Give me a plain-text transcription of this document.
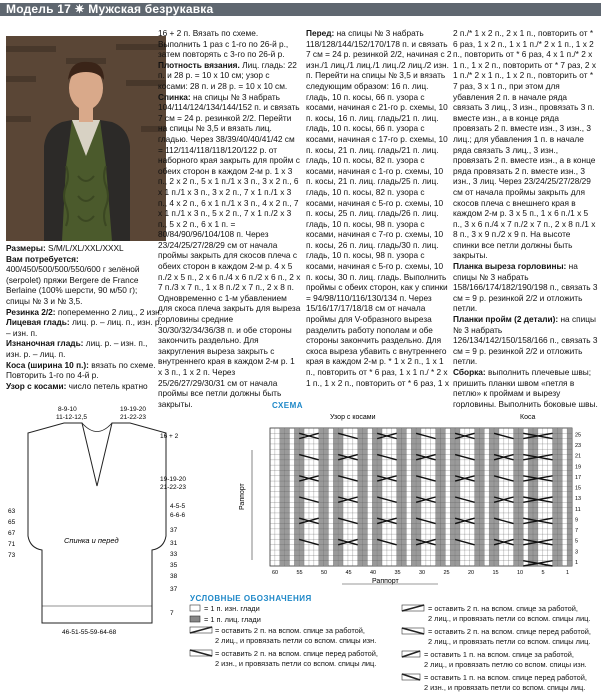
Модель 17 ✷ Мужская безрукавка

Размеры: S/M/L/XL/XXL/XXXL

Вам потребуется: 400/450/500/500/550/600 г зелёной (serpolet) пряжи Bergere de France Berlaine (100% шерсти, 90 м/50 г); спицы № 3 и № 3,5.

Резинка 2/2: попеременно 2 лиц., 2 изн.

Лицевая гладь: лиц. р. – лиц. п., изн. р. – изн. п.

Изнаночная гладь: лиц. р. – изн. п., изн. р. – лиц. п.

Коса (ширина 10 п.): вязать по схеме. Повторить 1-го по 4-й р.

Узор с косами: число петель кратно

16 + 2 п. Вязать по схеме. Выполнить 1 раз с 1-го по 26-й р., затем повторять с 3-го по 26-й р.

Плотность вязания. Лиц. гладь: 22 п. и 28 р. = 10 x 10 см; узор с косами: 28 п. и 28 р. = 10 x 10 см.

Спинка: на спицы № 3 набрать 104/114/124/134/144/152 п. и связать 7 см = 24 р. резинкой 2/2. Перейти на спицы № 3,5 и вязать лиц. гладью. Через 38/39/40/40/41/42 см = 112/114/118/118/120/122 р. от наборного края закрыть для пройм с обеих сторон в каждом 2-м р. 1 x 3 п., 2 x 2 п., 5 x 1 п./1 x 3 п., 3 x 2 п., 6 x 1 п./1 x 3 п., 3 x 2 п., 7 x 1 п./1 x 3 п., 4 x 2 п., 6 x 1 п./1 x 3 п., 4 x 2 п., 7 x 1 п./1 x 3 п., 5 x 2 п., 7 x 1 п./2 x 3 п., 5 x 2 п., 6 x 1 п. = 80/84/90/96/104/108 п. Через 23/24/25/27/28/29 см от начала проймы закрыть для скосов плеча с обеих сторон в каждом 2-м р. 4 x 5 п./2 x 5 п., 2 x 6 п./4 x 6 п./2 x 6 п., 2 x 7 п./3 x 7 п., 1 x 8 п./2 x 7 п., 2 x 8 п. Одновременно с 1-м убавлением для скоса плеча закрыть для выреза горловины средние 30/30/32/34/36/38 п. и обе стороны закончить раздельно. Для закругления выреза закрыть с внутреннего края в каждом 2-м р. 1 x 3 п., 1 x 2 п. Через 25/26/27/29/30/31 см от начала проймы все петли должны быть закрыты.

Перед: на спицы № 3 набрать 118/128/144/152/170/178 п. и связать 7 см = 24 р. резинкой 2/2, начиная с 2 изн./1 лиц./1 лиц./1 лиц./2 лиц./2 изн. п. Перейти на спицы № 3,5 и вязать следующим образом: 16 п. лиц. гладь, 10 п. косы, 66 п. узора с косами, начиная с 21-го р. схемы, 10 п. косы, 16 п. лиц. гладь/21 п. лиц. гладь, 10 п. косы, 66 п. узора с косами, начиная с 17-го р. схемы, 10 п. косы, 21 п. лиц. гладь/21 п. лиц. гладь, 10 п. косы, 82 п. узора с косами, начиная с 1-го р. схемы, 10 п. косы, 21 п. лиц. гладь/25 п. лиц. гладь, 10 п. косы, 82 п. узора с косами, начиная с 5-го р. схемы, 10 п. косы, 25 п. лиц. гладь/26 п. лиц. гладь, 10 п. косы, 98 п. узора с косами, начиная с 7-го р. схемы, 10 п. косы, 26 п. лиц. гладь/30 п. лиц. гладь, 10 п. косы, 98 п. узора с косами, начиная с 5-го р. схемы, 10 п. косы, 30 п. лиц. гладь. Выполнить проймы с обеих сторон, как у спинки = 94/98/110/116/130/134 п. Через 15/16/17/17/18/18 см от начала проймы для V-образного выреза разделить работу пополам и обе стороны закончить раздельно. Для скоса выреза убавить с внутреннего края в каждом 2-м р. * 1 x 2 п., 1 x 1 п., повторить от * 6 раз, 1 x 1 п./ * 2 x 1 п., 1 x 2 п., повторить от * 6 раз, 1 x

2 п./* 1 x 2 п., 2 x 1 п., повторить от * 6 раз, 1 x 2 п., 1 x 1 п./* 2 x 1 п., 1 x 2 п., повторить от * 6 раз, 4 x 1 п./* 2 x 1 п., 1 x 2 п., повторить от * 7 раз, 2 x 1 п./* 2 x 1 п., 1 x 2 п., повторить от * 7 раз, 3 x 1 п., при этом для убавления 2 п. в начале ряда связать 3 лиц., 3 изн., провязать 3 п. вместе изн., а в конце ряда провязать 2 п. вместе изн., 3 изн., 3 лиц.; для убавления 1 п. в начале ряда связать 3 лиц., 3 изн., провязать 2 п. вместе изн., а в конце ряда провязать 2 п. вместе изн., 3 изн., 3 лиц. Через 23/24/25/27/28/29 см от начала проймы закрыть для скосов плеча с внешнего края в каждом 2-м р. 3 x 5 п., 1 x 6 п./1 x 5 п., 3 x 6 п./4 x 7 п./2 x 7 п., 2 x 8 п./1 x 8 п., 3 x 9 п./2 x 9 п. На высоте спинки все петли должны быть закрыты.

Планка выреза горловины: на спицы № 3 набрать 158/166/174/182/190/198 п., связать 3 см = 9 р. резинкой 2/2 и отложить петли.

Планки пройм (2 детали): на спицы № 3 набрать 126/134/142/150/158/166 п., связать 3 см = 9 р. резинкой 2/2 и отложить петли.

Сборка: выполнить плечевые швы; пришить планки швом «петля в петлю» к проймам и вырезу горловины. Выполнить боковые швы.

8-9-10
11-12-12,5
19-19-20
21-22-23
16 + 2
19-19-20
21-22-23
4-5-5
6-6-6
37
31
33
35
38
37
7
63
65
67
71
73
Спинка и перед
46-51-55-59-64-68
СХЕМА
Узор с косами	Коса
25
23
21
19
17
15
13
11
9
7
5
3
1
60	55	50	45	40	35	30	25	20	15	10	5	1
Раппорт
Раппорт
УСЛОВНЫЕ ОБОЗНАЧЕНИЯ
= 1 п. изн. глади
= 1 п. лиц. глади
= оставить 2 п. на вспом. спице за работой,
2 лиц., и провязать петли со вспом. спицы изн.
= оставить 2 п. на вспом. спице перед работой,
2 изн., и провязать петли со вспом. спицы лиц.
= оставить 2 п. на вспом. спице за работой,
2 лиц., и провязать петли со вспом. спицы лиц.
= оставить 2 п. на вспом. спице перед работой,
2 лиц., и провязать петли со вспом. спицы лиц.
= оставить 1 п. на вспом. спице за работой,
2 лиц., и провязать петлю со вспом. спицы изн.
= оставить 1 п. на вспом. спице перед работой,
2 изн., и провязать петли со вспом. спицы лиц.
